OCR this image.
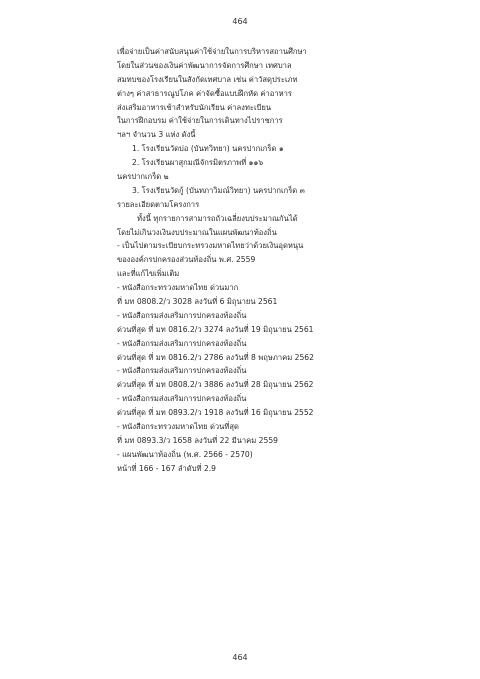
464
เพื่อจ่ายเป็นค่าสนับสนุนค่าใช้จ่ายในการบริหารสถานศึกษา
โดยในส่วนของเงินค่าพัฒนาการจัดการศึกษา เทศบาล
สมทบของโรงเรียนในสังกัดเทศบาล เช่น ค่าวัสดุประเภท
ต่างๆ ค่าสาธารณูปโภค ค่าจัดซื้อแบบฝึกหัด ค่าอาหาร
ส่งเสริมอาหารเช้าสำหรับนักเรียน ค่าลงทะเบียน
ในการฝึกอบรม ค่าใช้จ่ายในการเดินทางไปราชการ
ฯลฯ จำนวน 3 แห่ง ดังนี้
1. โรงเรียนวัดบ่อ (บันทวิทยา) นครปากเกร็ด ๑
2. โรงเรียนผาสุกมณีจักรมิตรภาพที่ ๑๑๖
นครปากเกร็ด ๒
3. โรงเรียนวัดกู้ (บันทภาวิมณ์วิทยา) นครปากเกร็ด ๓
รายละเอียดตามโครงการ
ทั้งนี้ ทุกรายการสามารถถัวเฉลี่ยงบประมาณกันได้
โดยไม่เกินวงเงินงบประมาณในแผนพัฒนาท้องถิ่น
- เป็นไปตามระเบียบกระทรวงมหาดไทยว่าด้วยเงินอุดหนุน
ขององค์กรปกครองส่วนท้องถิ่น พ.ศ. 2559
และที่แก้ไขเพิ่มเติม
- หนังสือกระทรวงมหาดไทย ด่วนมาก
ที่ มท 0808.2/ว 3028 ลงวันที่ 6 มิถุนายน 2561
- หนังสือกรมส่งเสริมการปกครองท้องถิ่น
ด่วนที่สุด ที่ มท 0816.2/ว 3274 ลงวันที่ 19 มิถุนายน 2561
- หนังสือกรมส่งเสริมการปกครองท้องถิ่น
ด่วนที่สุด ที่ มท 0816.2/ว 2786 ลงวันที่ 8 พฤษภาคม 2562
- หนังสือกรมส่งเสริมการปกครองท้องถิ่น
ด่วนที่สุด ที่ มท 0808.2/ว 3886 ลงวันที่ 28 มิถุนายน 2562
- หนังสือกรมส่งเสริมการปกครองท้องถิ่น
ด่วนที่สุด ที่ มท 0893.2/ว 1918 ลงวันที่ 16 มิถุนายน 2552
- หนังสือกระทรวงมหาดไทย ด่วนที่สุด
ที่ มท 0893.3/ว 1658 ลงวันที่ 22 มีนาคม 2559
- แผนพัฒนาท้องถิ่น (พ.ศ. 2566 - 2570)
หน้าที่ 166 - 167 ลำดับที่ 2.9
464
